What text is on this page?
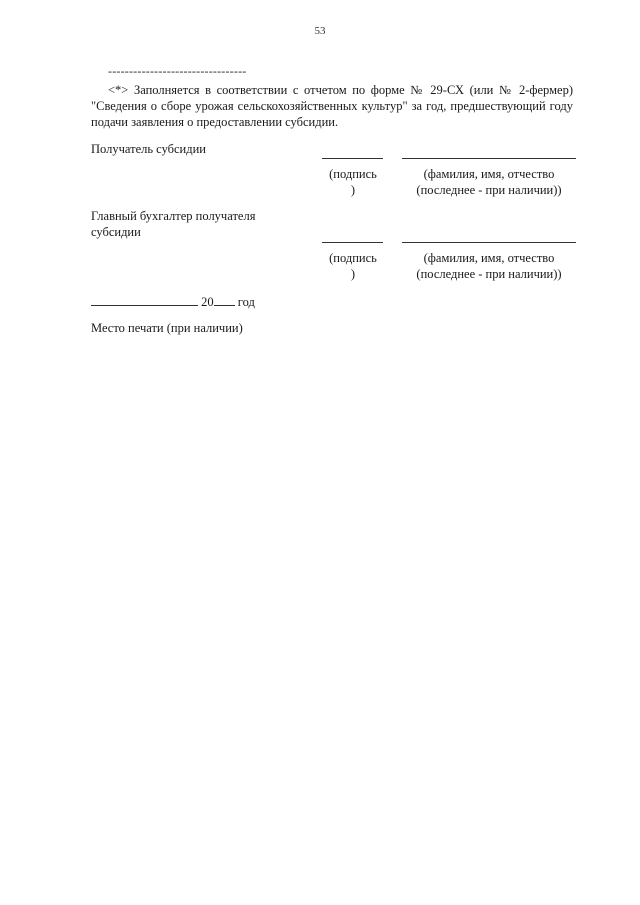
53
---------------------------------
<*> Заполняется в соответствии с отчетом по форме № 29-СХ (или № 2-фермер) "Сведения о сборе урожая сельскохозяйственных культур" за год, предшествующий году подачи заявления о предоставлении субсидии.
Получатель субсидии
(подпись
)
(фамилия, имя, отчество
(последнее - при наличии))
Главный бухгалтер получателя
субсидии
(подпись
)
(фамилия, имя, отчество
(последнее - при наличии))
20 год
Место печати (при наличии)
